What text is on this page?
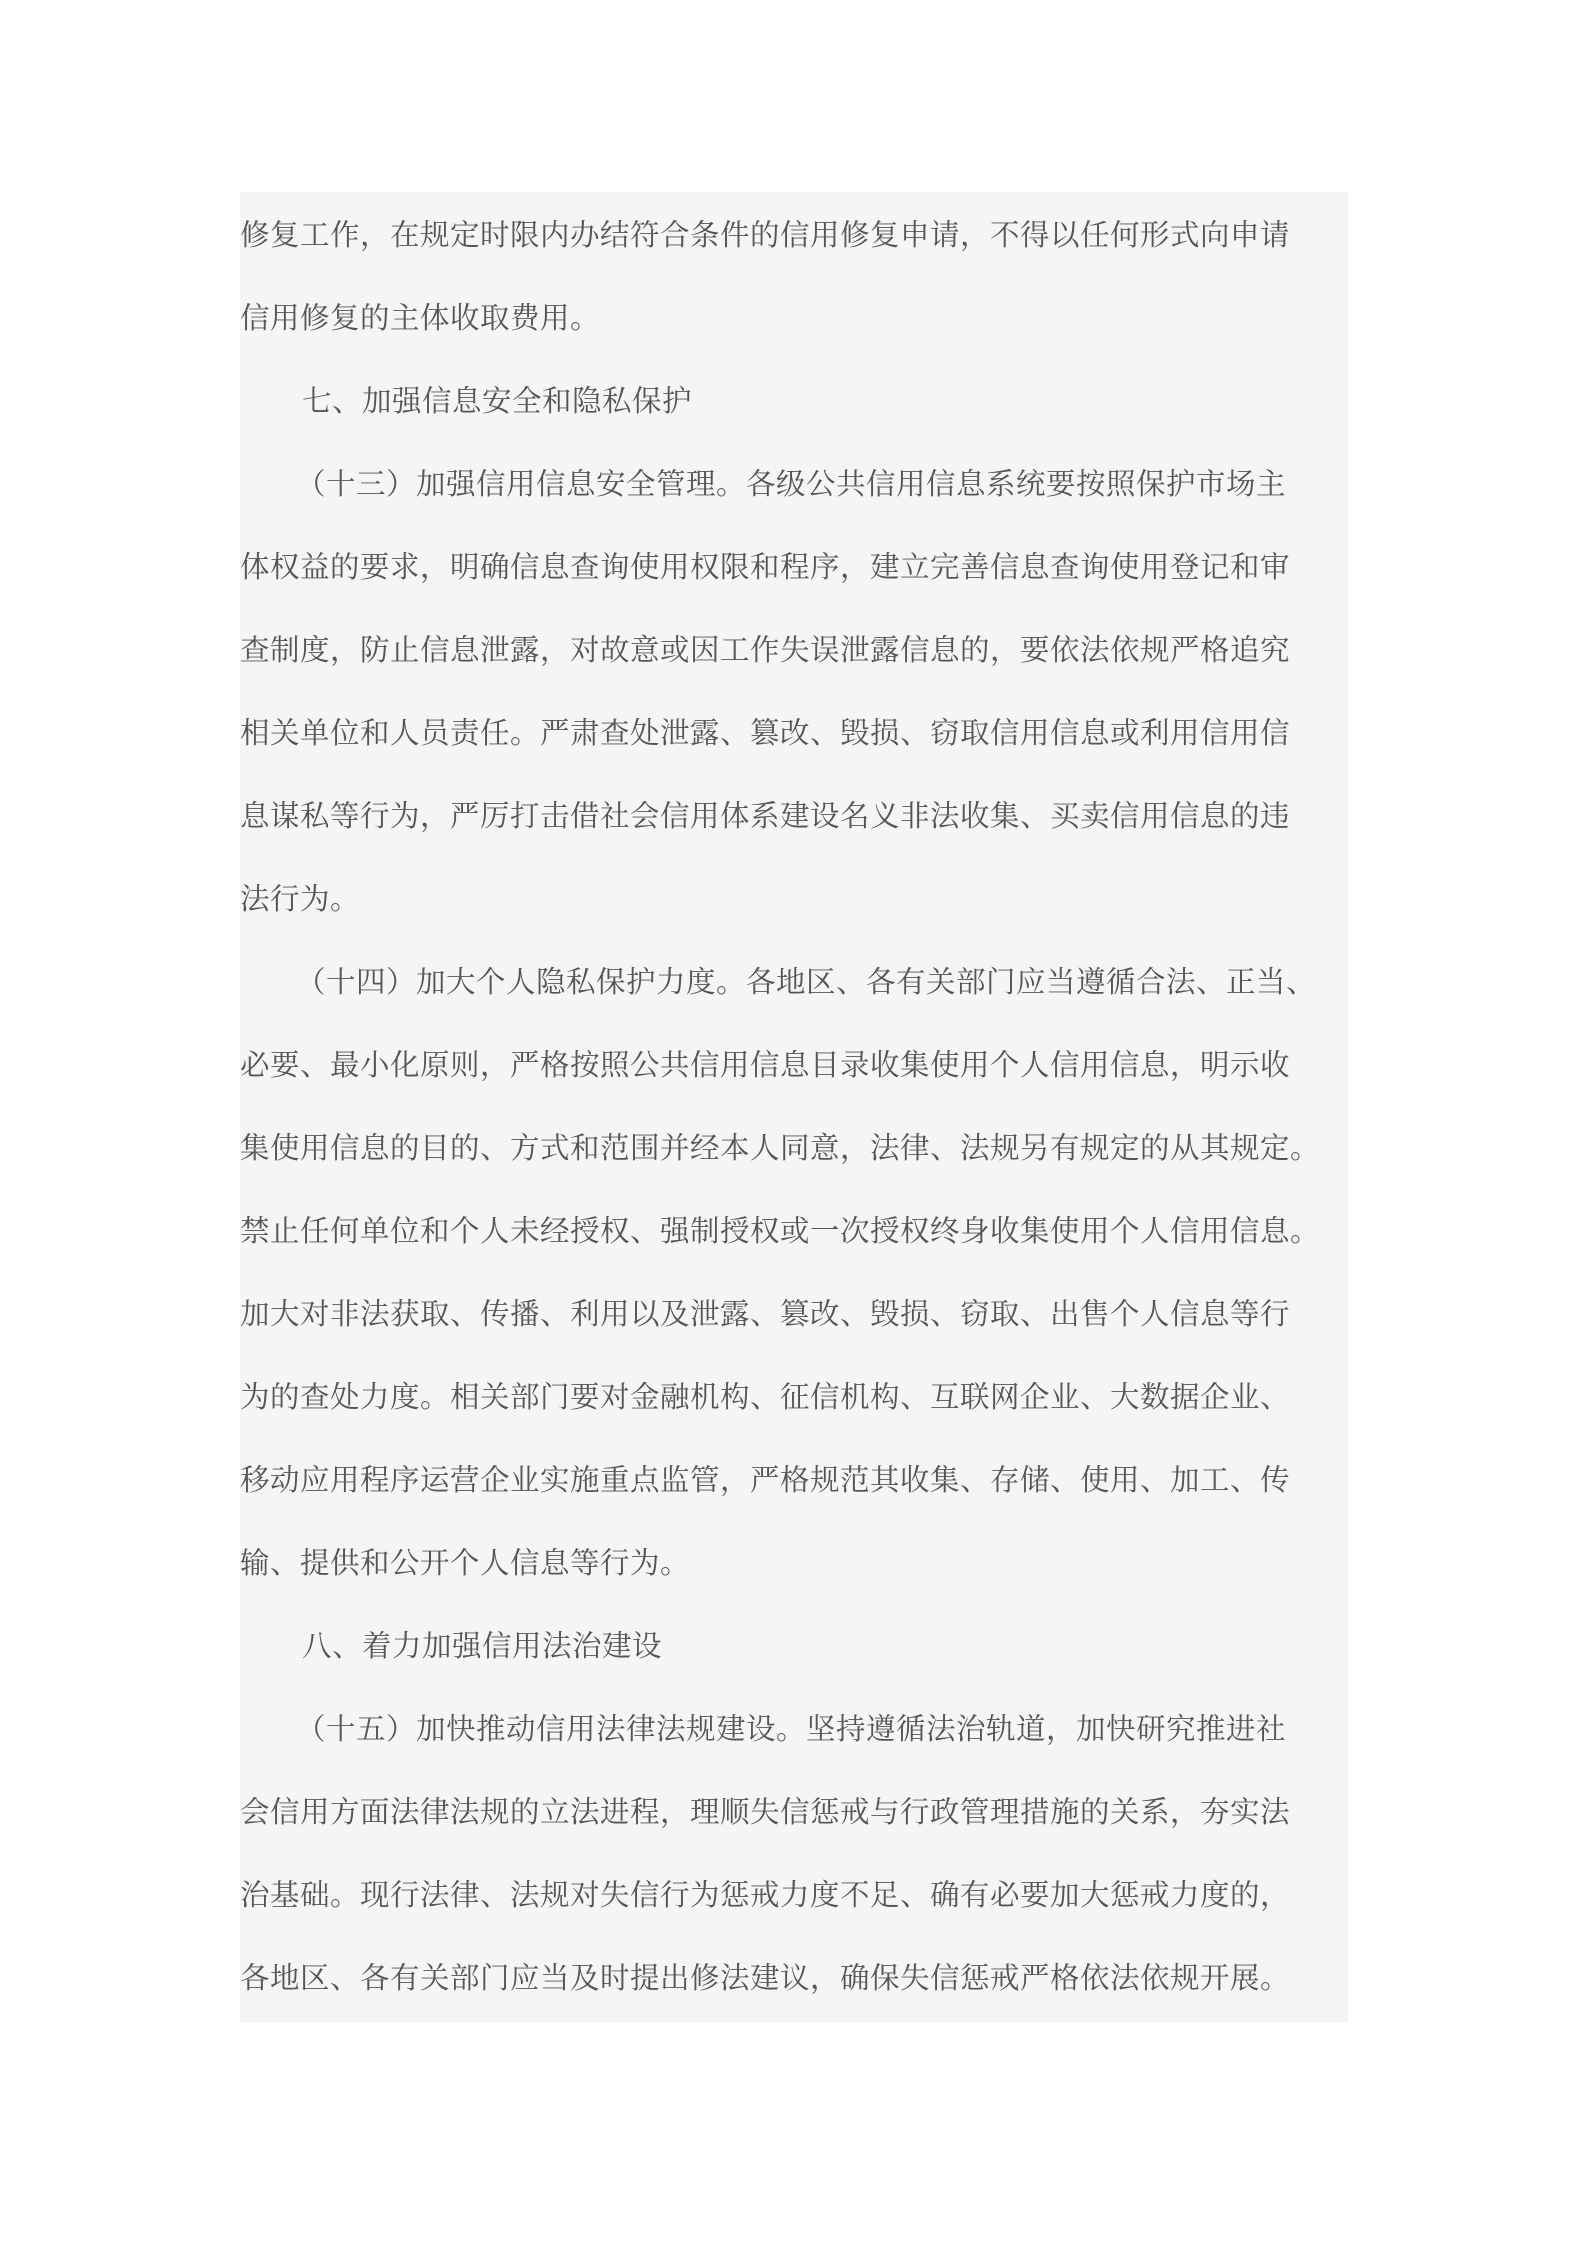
修复工作，在规定时限内办结符合条件的信用修复申请，不得以任何形式向申请
信用修复的主体收取费用。
七、加强信息安全和隐私保护
（十三）加强信用信息安全管理。各级公共信用信息系统要按照保护市场主
体权益的要求，明确信息查询使用权限和程序，建立完善信息查询使用登记和审
查制度，防止信息泄露，对故意或因工作失误泄露信息的，要依法依规严格追究
相关单位和人员责任。严肃查处泄露、篡改、毁损、窃取信用信息或利用信用信
息谋私等行为，严厉打击借社会信用体系建设名义非法收集、买卖信用信息的违
法行为。
（十四）加大个人隐私保护力度。各地区、各有关部门应当遵循合法、正当、
必要、最小化原则，严格按照公共信用信息目录收集使用个人信用信息，明示收
集使用信息的目的、方式和范围并经本人同意，法律、法规另有规定的从其规定。
禁止任何单位和个人未经授权、强制授权或一次授权终身收集使用个人信用信息。
加大对非法获取、传播、利用以及泄露、篡改、毁损、窃取、出售个人信息等行
为的查处力度。相关部门要对金融机构、征信机构、互联网企业、大数据企业、
移动应用程序运营企业实施重点监管，严格规范其收集、存储、使用、加工、传
输、提供和公开个人信息等行为。
八、着力加强信用法治建设
（十五）加快推动信用法律法规建设。坚持遵循法治轨道，加快研究推进社
会信用方面法律法规的立法进程，理顺失信惩戒与行政管理措施的关系，夯实法
治基础。现行法律、法规对失信行为惩戒力度不足、确有必要加大惩戒力度的，
各地区、各有关部门应当及时提出修法建议，确保失信惩戒严格依法依规开展。
